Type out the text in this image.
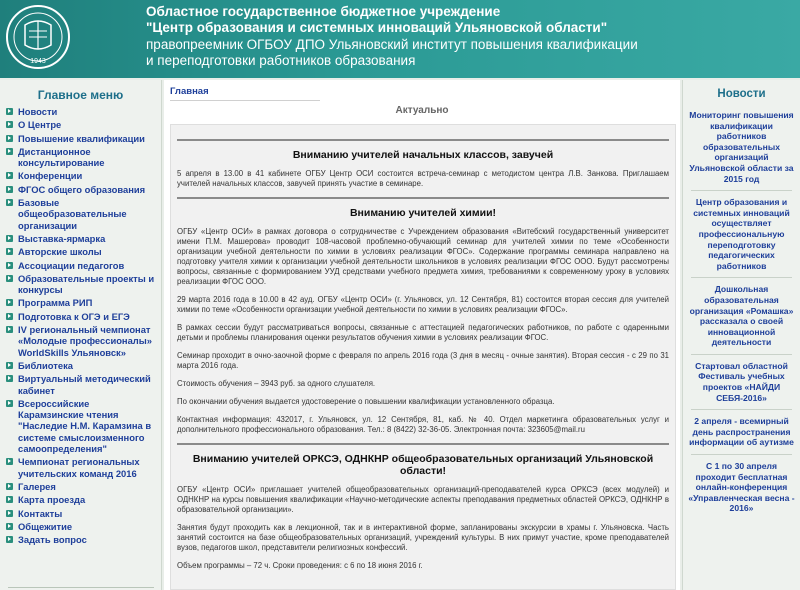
1943
Областное государственное бюджетное учреждение
"Центр образования и системных инноваций Ульяновской области"
правопреемник ОГБОУ ДПО Ульяновский институт повышения квалификации
и переподготовки работников образования
Главное меню
Новости
О Центре
Повышение квалификации
Дистанционное консультирование
Конференции
ФГОС общего образования
Базовые общеобразовательные организации
Выставка-ярмарка
Авторские школы
Ассоциации педагогов
Образовательные проекты и конкурсы
Программа РИП
Подготовка к ОГЭ и ЕГЭ
IV региональный чемпионат «Молодые профессионалы» WorldSkills Ульяновск»
Библиотека
Виртуальный методический кабинет
Всероссийские Карамзинские чтения "Наследие Н.М. Карамзина в системе смыслоизменного самоопределения"
Чемпионат региональных учительских команд 2016
Галерея
Карта проезда
Контакты
Общежитие
Задать вопрос
Главная
Актуально
Вниманию учителей начальных классов, завучей

5 апреля в 13.00 в 41 кабинете ОГБУ Центр ОСИ состоится встреча-семинар с методистом центра Л.В. Занкова. Приглашаем учителей начальных классов, завучей принять участие в семинаре.

Вниманию учителей химии!

ОГБУ «Центр ОСИ» в рамках договора о сотрудничестве с Учреждением образования «Витебский государственный университет имени П.М. Машерова» проводит 108-часовой проблемно-обучающий семинар для учителей химии по теме «Особенности организации учебной деятельности по химии в условиях реализации ФГОС». Содержание программы семинара направлено на подготовку учителя химии к организации учебной деятельности школьников в условиях реализации ФГОС ООО. Будут рассмотрены вопросы, связанные с формированием УУД средствами учебного предмета химия, требованиями к современному уроку в условиях реализации ФГОС ООО.

29 марта 2016 года в 10.00 в 42 ауд. ОГБУ «Центр ОСИ» (г. Ульяновск, ул. 12 Сентября, 81) состоится вторая сессия для учителей химии по теме «Особенности организации учебной деятельности по химии в условиях реализации ФГОС».

В рамках сессии будут рассматриваться вопросы, связанные с аттестацией педагогических работников, по работе с одаренными детьми и проблемы планирования оценки результатов обучения химии в условиях реализации ФГОС.

Семинар проходит в очно-заочной форме с февраля по апрель 2016 года (3 дня в месяц - очные занятия). Вторая сессия - с 29 по 31 марта 2016 года.

Стоимость обучения – 3943 руб. за одного слушателя.

По окончании обучения выдается удостоверение о повышении квалификации установленного образца.

Контактная информация: 432017, г. Ульяновск, ул. 12 Сентября, 81, каб. № 40. Отдел маркетинга образовательных услуг и дополнительного профессионального образования. Тел.: 8 (8422) 32-36-05. Электронная почта: 323605@mail.ru

Вниманию учителей ОРКСЭ, ОДНКНР общеобразовательных организаций Ульяновской области!

ОГБУ «Центр ОСИ» приглашает учителей общеобразовательных организаций-преподавателей курса ОРКСЭ (всех модулей) и ОДНКНР на курсы повышения квалификации «Научно-методические аспекты преподавания предметных областей ОРКСЭ, ОДНКНР в образовательной организации».

Занятия будут проходить как в лекционной, так и в интерактивной форме, запланированы экскурсии в храмы г. Ульяновска. Часть занятий состоится на базе общеобразовательных организаций, учреждений культуры. В них примут участие, кроме преподавателей вузов, педагогов школ, представители религиозных конфессий.

Объем программы – 72 ч. Сроки проведения: с 6 по 18 июня 2016 г.

Новости
Мониторинг повышения квалификации работников образовательных организаций Ульяновской области за 2015 год
Центр образования и системных инноваций осуществляет профессиональную переподготовку педагогических работников
Дошкольная образовательная организация «Ромашка» рассказала о своей инновационной деятельности
Стартовал областной Фестиваль учебных проектов «НАЙДИ СЕБЯ-2016»
2 апреля - всемирный день распространения информации об аутизме
С 1 по 30 апреля проходит бесплатная онлайн-конференция «Управленческая весна - 2016»
